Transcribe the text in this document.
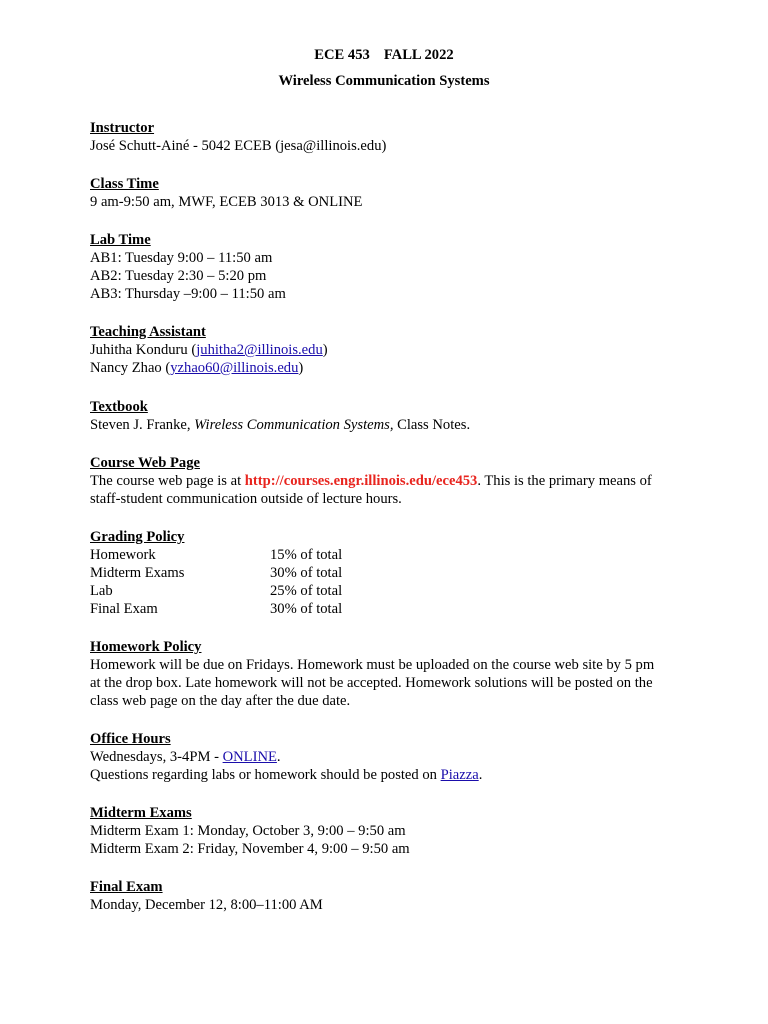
ECE 453 FALL 2022
Wireless Communication Systems

Instructor

José Schutt-Ainé - 5042 ECEB (jesa@illinois.edu)

Class Time

9 am-9:50 am, MWF, ECEB 3013 & ONLINE

Lab Time

AB1: Tuesday 9:00 – 11:50 am

AB2: Tuesday 2:30 – 5:20 pm

AB3: Thursday –9:00 – 11:50 am

Teaching Assistant

Juhitha Konduru (juhitha2@illinois.edu)

Nancy Zhao (yzhao60@illinois.edu)

Textbook

Steven J. Franke, Wireless Communication Systems, Class Notes.

Course Web Page

The course web page is at http://courses.engr.illinois.edu/ece453. This is the primary means of

staff-student communication outside of lecture hours.

Grading Policy

Homework	15% of total
Midterm Exams	30% of total
Lab	25% of total
Final Exam	30% of total

Homework Policy

Homework will be due on Fridays. Homework must be uploaded on the course web site by 5 pm

at the drop box. Late homework will not be accepted. Homework solutions will be posted on the

class web page on the day after the due date.

Office Hours

Wednesdays, 3-4PM - ONLINE.

Questions regarding labs or homework should be posted on Piazza.

Midterm Exams

Midterm Exam 1: Monday, October 3, 9:00 – 9:50 am

Midterm Exam 2: Friday, November 4, 9:00 – 9:50 am

Final Exam

Monday, December 12, 8:00–11:00 AM
